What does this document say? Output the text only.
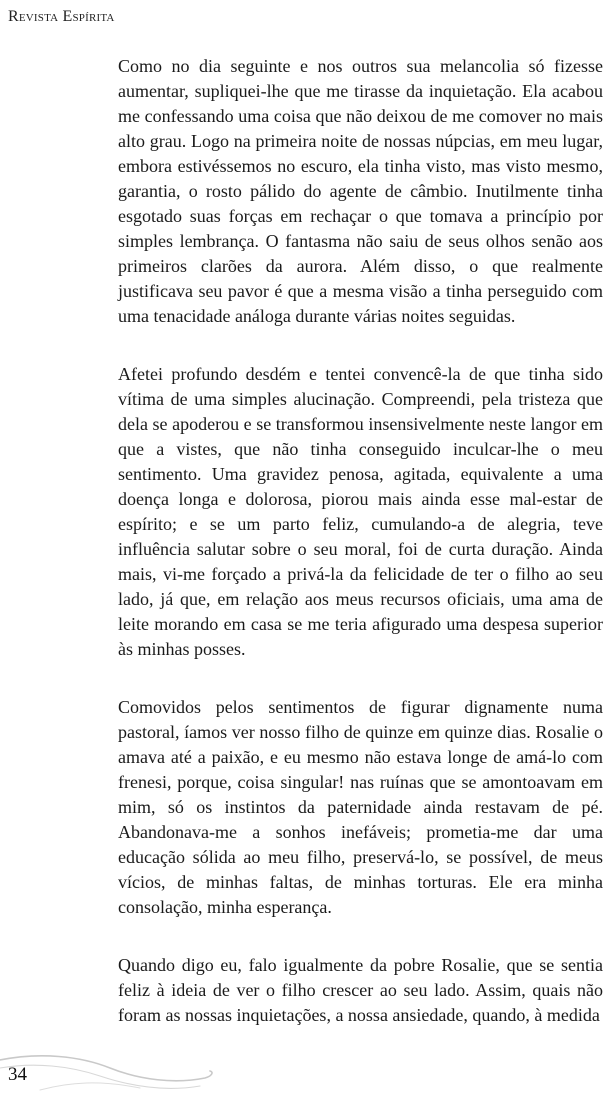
Revista Espírita

Como no dia seguinte e nos outros sua melancolia só fizesse aumentar, supliquei-lhe que me tirasse da inquietação. Ela acabou me confessando uma coisa que não deixou de me comover no mais alto grau. Logo na primeira noite de nossas núpcias, em meu lugar, embora estivéssemos no escuro, ela tinha visto, mas visto mesmo, garantia, o rosto pálido do agente de câmbio. Inutilmente tinha esgotado suas forças em rechaçar o que tomava a princípio por simples lembrança. O fantasma não saiu de seus olhos senão aos primeiros clarões da aurora. Além disso, o que realmente justificava seu pavor é que a mesma visão a tinha perseguido com uma tenacidade análoga durante várias noites seguidas.

Afetei profundo desdém e tentei convencê-la de que tinha sido vítima de uma simples alucinação. Compreendi, pela tristeza que dela se apoderou e se transformou insensivelmente neste langor em que a vistes, que não tinha conseguido inculcar-lhe o meu sentimento. Uma gravidez penosa, agitada, equivalente a uma doença longa e dolorosa, piorou mais ainda esse mal-estar de espírito; e se um parto feliz, cumulando-a de alegria, teve influência salutar sobre o seu moral, foi de curta duração. Ainda mais, vi-me forçado a privá-la da felicidade de ter o filho ao seu lado, já que, em relação aos meus recursos oficiais, uma ama de leite morando em casa se me teria afigurado uma despesa superior às minhas posses.

Comovidos pelos sentimentos de figurar dignamente numa pastoral, íamos ver nosso filho de quinze em quinze dias. Rosalie o amava até a paixão, e eu mesmo não estava longe de amá-lo com frenesi, porque, coisa singular! nas ruínas que se amontoavam em mim, só os instintos da paternidade ainda restavam de pé. Abandonava-me a sonhos inefáveis; prometia-me dar uma educação sólida ao meu filho, preservá-lo, se possível, de meus vícios, de minhas faltas, de minhas torturas. Ele era minha consolação, minha esperança.

Quando digo eu, falo igualmente da pobre Rosalie, que se sentia feliz à ideia de ver o filho crescer ao seu lado. Assim, quais não foram as nossas inquietações, a nossa ansiedade, quando, à medida

34
